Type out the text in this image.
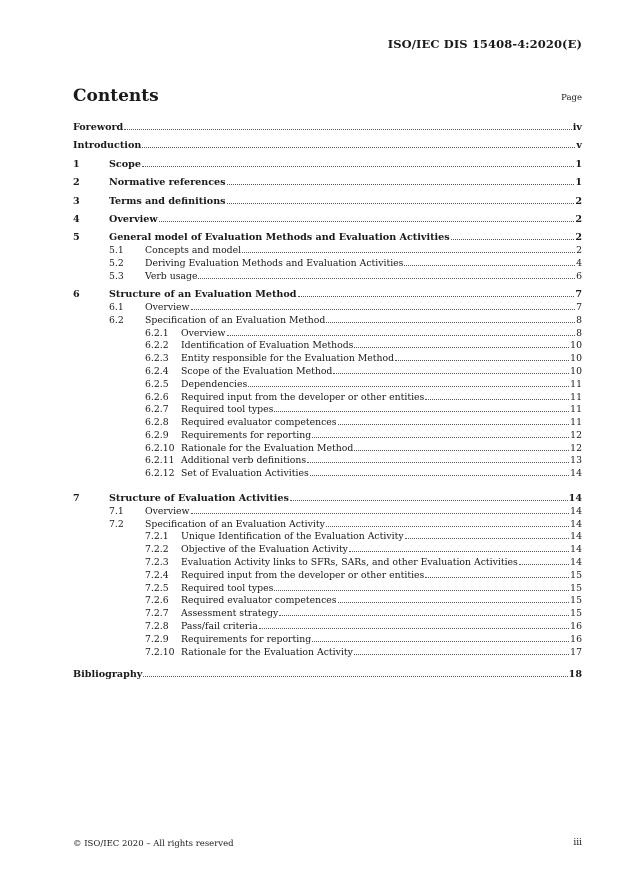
ISO/IEC DIS 15408-4:2020(E)
Contents	Page
Foreword	iv
Introduction	v
1	Scope	1
2	Normative references	1
3	Terms and definitions	2
4	Overview	2
5	General model of Evaluation Methods and Evaluation Activities	2
5.1	Concepts and model	2
5.2	Deriving Evaluation Methods and Evaluation Activities	4
5.3	Verb usage	6
6	Structure of an Evaluation Method	7
6.1	Overview	7
6.2	Specification of an Evaluation Method	8
6.2.1	Overview	8
6.2.2	Identification of Evaluation Methods	10
6.2.3	Entity responsible for the Evaluation Method	10
6.2.4	Scope of the Evaluation Method	10
6.2.5	Dependencies	11
6.2.6	Required input from the developer or other entities	11
6.2.7	Required tool types	11
6.2.8	Required evaluator competences	11
6.2.9	Requirements for reporting	12
6.2.10 Rationale for the Evaluation Method	12
6.2.11 Additional verb definitions	13
6.2.12 Set of Evaluation Activities	14
7	Structure of Evaluation Activities	14
7.1	Overview	14
7.2	Specification of an Evaluation Activity	14
7.2.1	Unique Identification of the Evaluation Activity	14
7.2.2	Objective of the Evaluation Activity	14
7.2.3	Evaluation Activity links to SFRs, SARs, and other Evaluation Activities	14
7.2.4	Required input from the developer or other entities	15
7.2.5	Required tool types	15
7.2.6	Required evaluator competences	15
7.2.7	Assessment strategy	15
7.2.8	Pass/fail criteria	16
7.2.9	Requirements for reporting	16
7.2.10 Rationale for the Evaluation Activity	17
Bibliography	18
© ISO/IEC 2020 – All rights reserved	iii
